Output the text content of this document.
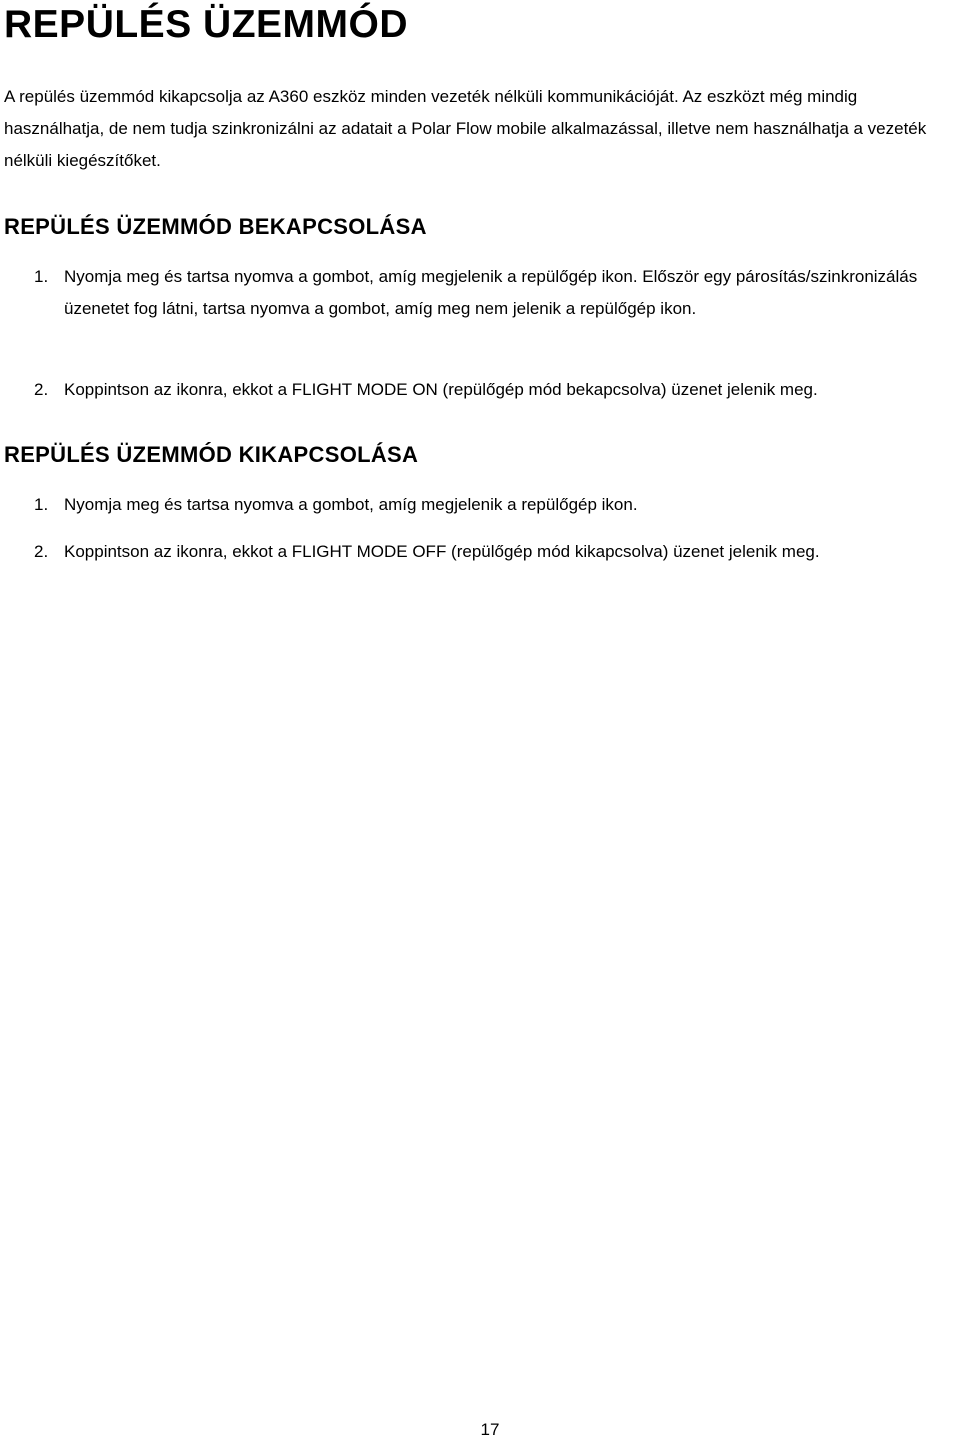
REPÜLÉS ÜZEMMÓD

A repülés üzemmód kikapcsolja az A360 eszköz minden vezeték nélküli kommunikációját. Az eszközt még mindig használhatja, de nem tudja szinkronizálni az adatait a Polar Flow mobile alkalmazással, illetve nem használhatja a vezeték nélküli kiegészítőket.

REPÜLÉS ÜZEMMÓD BEKAPCSOLÁSA
1. Nyomja meg és tartsa nyomva a gombot, amíg megjelenik a repülőgép ikon. Először egy párosítás/szinkronizálás üzenetet fog látni, tartsa nyomva a gombot, amíg meg nem jelenik a repülőgép ikon.
2. Koppintson az ikonra, ekkot a FLIGHT MODE ON (repülőgép mód bekapcsolva) üzenet jelenik meg.
REPÜLÉS ÜZEMMÓD KIKAPCSOLÁSA
1. Nyomja meg és tartsa nyomva a gombot, amíg megjelenik a repülőgép ikon.
2. Koppintson az ikonra, ekkot a FLIGHT MODE OFF (repülőgép mód kikapcsolva) üzenet jelenik meg.
17
